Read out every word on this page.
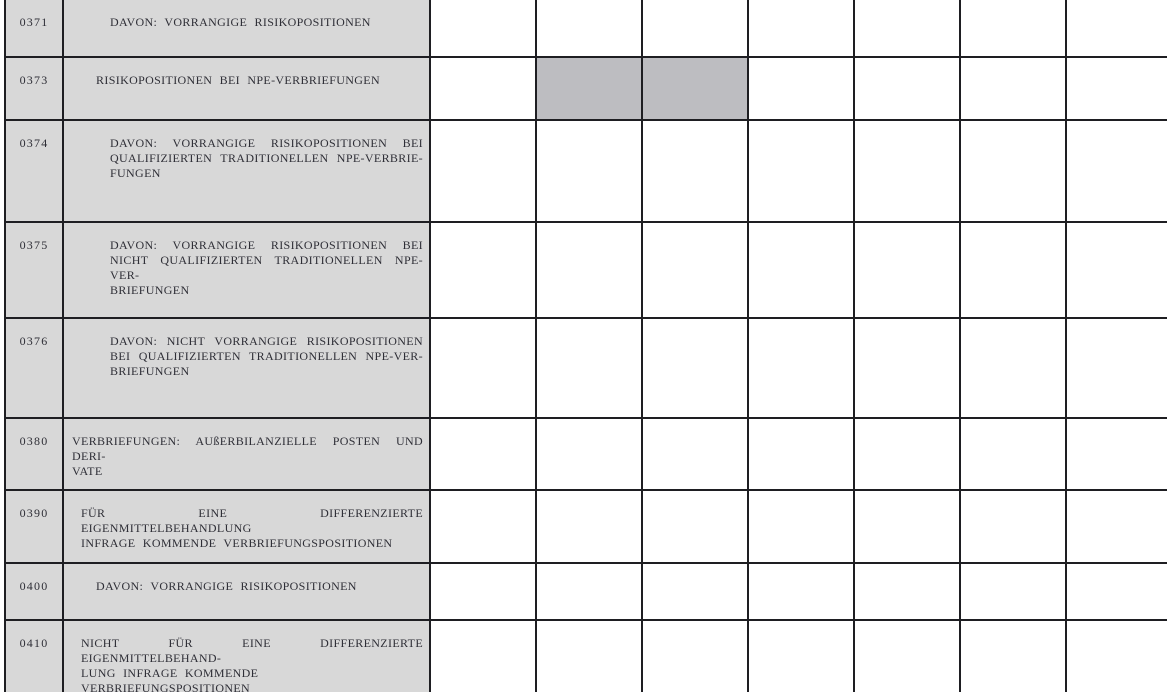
0371	DAVON: VORRANGIGE RISIKOPOSITIONEN							

0373	RISIKOPOSITIONEN BEI NPE-VERBRIEFUNGEN							

0374	DAVON: VORRANGIGE RISIKOPOSITIONEN BEI
QUALIFIZIERTEN TRADITIONELLEN NPE-VERBRIE-
FUNGEN							

0375	DAVON: VORRANGIGE RISIKOPOSITIONEN BEI
NICHT QUALIFIZIERTEN TRADITIONELLEN NPE-VER-
BRIEFUNGEN							

0376	DAVON: NICHT VORRANGIGE RISIKOPOSITIONEN
BEI QUALIFIZIERTEN TRADITIONELLEN NPE-VER-
BRIEFUNGEN							

0380	VERBRIEFUNGEN: AUßERBILANZIELLE POSTEN UND DERI-
VATE							

0390	FÜR EINE DIFFERENZIERTE EIGENMITTELBEHANDLUNG
INFRAGE KOMMENDE VERBRIEFUNGSPOSITIONEN							

0400	DAVON: VORRANGIGE RISIKOPOSITIONEN							

0410	NICHT FÜR EINE DIFFERENZIERTE EIGENMITTELBEHAND-
LUNG INFRAGE KOMMENDE VERBRIEFUNGSPOSITIONEN							
